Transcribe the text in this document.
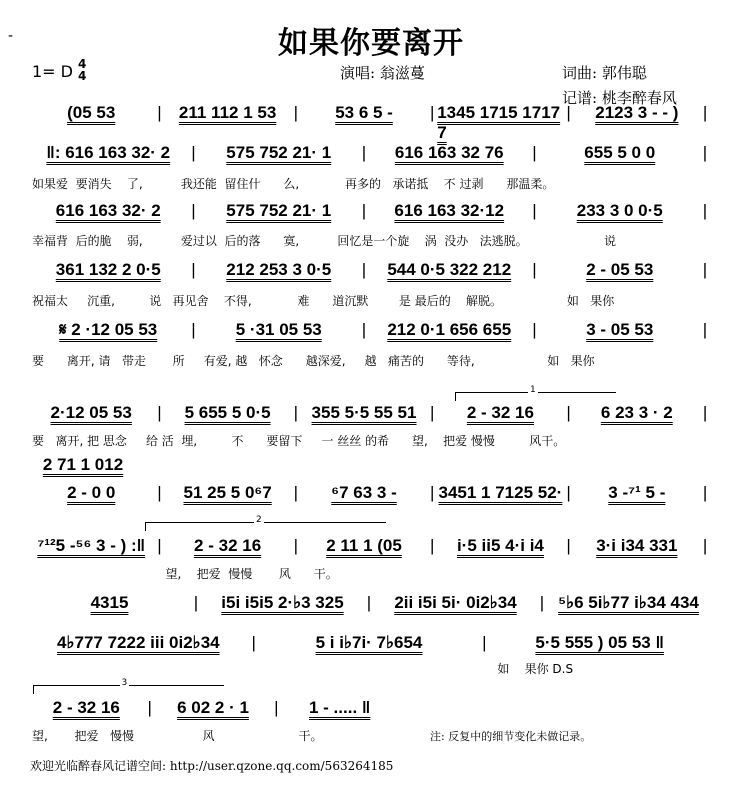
-	如果你要离开
1= D 4
4	演唱: 翁滋蔓	词曲: 郭伟聪
记谱: 桃李醉春风
(05 53	|	211 112 1 53	|	53 6 5 -	| 1345 1715 1717 7
|	2123 3 - - )	|
‖: 616 163 32· 2	|	575 752 21· 1	|	616 163 32 76	|	655 5 0 0	|
如果爱  要消失    了,          我还能  留住什      么,            再多的   承诺抵    不 过剥      那温柔。
616 163 32· 2	|	575 752 21· 1	|	616 163 32·12	|	233 3 0 0·5	|
幸福背  后的脆    弱,          爱过以  后的落      寞,          回忆是一个旋    涡  没办   法逃脱。                    说
361 132 2 0·5	|	212 253 3 0·5	|	544 0·5 322 212	|	2 - 05 53	|
祝福太     沉重,         说   再见舍    不得,            难      道沉默        是 最后的    解脱。                 如   果你
𝄋 2 ·12 05 53	|	5 ·31 05 53	|	212 0·1 656 655	|	3 - 05 53	|
要      离开, 请   带走       所     有爱, 越   怀念      越深爱,     越   痛苦的      等待,                   如   果你
2·12 05 53	|	5 655 5 0·5	| 355 5·5 55 51 |	2 - 32 16	|	6 23 3 · 2	|
要   离开, 把 思念     给 活  埋,         不      要留下     一 丝丝 的希      望,    把爱 慢慢         风干。
2 71 1 012
2 - 0 0	|	51 25 5 0⁶7	|	⁶7 63 3 -	| 3451 1 7125 52· |	3 -⁷¹ 5 -	|
⁷¹²5 -⁵⁶ 3 - ) :‖ |	2 - 32 16	|	2 11 1 (05	|	i·5 ii5 4·i i4	|	3·i i34 331	|
望,    把爱  慢慢       风      干。
4315	|	i5i i5i5 2·♭3 325	|	2ii i5i 5i· 0i2♭34	| ⁵♭6 5i♭77 i♭34 434
4♭777 7222 iii 0i2♭34	|	5 i i♭7i· 7♭654	|	5·5 555 ) 05 53 ‖
如    果你 D.S
2 - 32 16	|	6 02 2 · 1	|	1 - ..... ‖
望,       把爱   慢慢                  风                      干。
1
2
3
注: 反复中的细节变化未做记录。
欢迎光临醉春风记谱空间: http://user.qzone.qq.com/563264185
